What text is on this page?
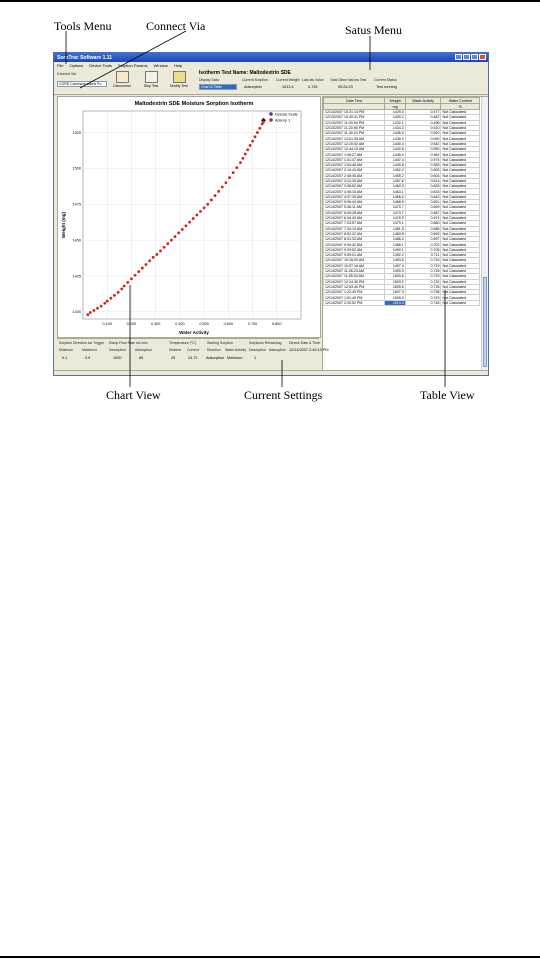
Tools Menu	Connect Via	Satus Menu
Chart View	Current Settings	Table View
SorpTrac Software 1.11
File Options Device Tools Sorption Params Window Help
Connect Via
CORE Communications Po	Disconnect	Stop Test	Modify Test
Isotherm Test Name: Maltodextrin SDE
Display Data
Chart & Table
Current Sorption
Adsorption
Current Weight
1513.4
Last aw Value
0.745
Total Since last aw Test
00:24:23
Current Status
Test running
Maltodextrin SDE Moisture Sorption Isotherm
Water Activity
Weight (mg)
0.100	0.200	0.300	0.400	0.500	0.600	0.700	0.800
1400
1425
1450
1475
1500
1525
Desorp Scale
Adsorp 1
Date Time	Weight	Water Activity	Water Content
	mg		%
12/13/2007 10:21:14 PM	1429.0	0.477	Not Calculated
12/13/2007 10:40:41 PM	1430.2	0.487	Not Calculated
12/13/2007 11:00:54 PM	1432.1	0.496	Not Calculated
12/13/2007 11:20:55 PM	1434.3	0.510	Not Calculated
12/13/2007 11:40:24 PM	1436.0	0.520	Not Calculated
12/14/2007 12:01:35 AM	1438.2	0.530	Not Calculated
12/14/2007 12:20:02 AM	1440.4	0.542	Not Calculated
12/14/2007 12:44:19 AM	1442.6	0.550	Not Calculated
12/14/2007 1:08:27 AM	1445.0	0.562	Not Calculated
12/14/2007 1:31:47 AM	1447.4	0.574	Not Calculated
12/14/2007 1:54:46 AM	1449.8	0.583	Not Calculated
12/14/2007 2:19:43 AM	1452.2	0.593	Not Calculated
12/14/2007 2:45:45 AM	1455.2	0.604	Not Calculated
12/14/2007 3:12:35 AM	1457.6	0.614	Not Calculated
12/14/2007 3:38:52 AM	1460.3	0.625	Not Calculated
12/14/2007 4:06:15 AM	1463.1	0.633	Not Calculated
12/14/2007 4:37:35 AM	1466.0	0.643	Not Calculated
12/14/2007 5:06:44 AM	1468.9	0.651	Not Calculated
12/14/2007 5:36:11 AM	1470.7	0.659	Not Calculated
12/14/2007 6:05:28 AM	1473.7	0.667	Not Calculated
12/14/2007 6:34:43 AM	1476.3	0.674	Not Calculated
12/14/2007 7:03:57 AM	1479.1	0.680	Not Calculated
12/14/2007 7:33:10 AM	1481.5	0.685	Not Calculated
12/14/2007 8:02:22 AM	1483.8	0.692	Not Calculated
12/14/2007 8:31:33 AM	1486.0	0.697	Not Calculated
12/14/2007 9:00:42 AM	1488.1	0.702	Not Calculated
12/14/2007 9:29:52 AM	1490.1	0.706	Not Calculated
12/14/2007 9:59:01 AM	1492.2	0.711	Not Calculated
12/14/2007 10:28:09 AM	1494.5	0.716	Not Calculated
12/14/2007 10:57:16 AM	1497.4	0.719	Not Calculated
12/14/2007 11:26:23 AM	1499.3	0.726	Not Calculated
12/14/2007 11:55:30 AM	1500.6	0.729	Not Calculated
12/14/2007 12:24:35 PM	1503.2	0.732	Not Calculated
12/14/2007 12:53:40 PM	1505.6	0.735	Not Calculated
12/14/2007 1:22:45 PM	1507.3	0.738	Not Calculated
12/14/2007 1:51:49 PM	1509.0	0.743	Not Calculated
12/14/2007 2:20:52 PM	1513.4	0.745	Not Calculated
Sorption Direction aw Trigger Ramp Flow Rate mL/min	Temperature (°C)	Starting Sorption	Sorptions Remaining Device Date & Time
Minimum	Maximum	Desorption	Adsorption	Desired Current Direction Water Activity Desorption Adsorption
0.1	0.9	1000	80	25	24.72 Adsorption Minimum	1
12/14/2007 2:45:13 PM
